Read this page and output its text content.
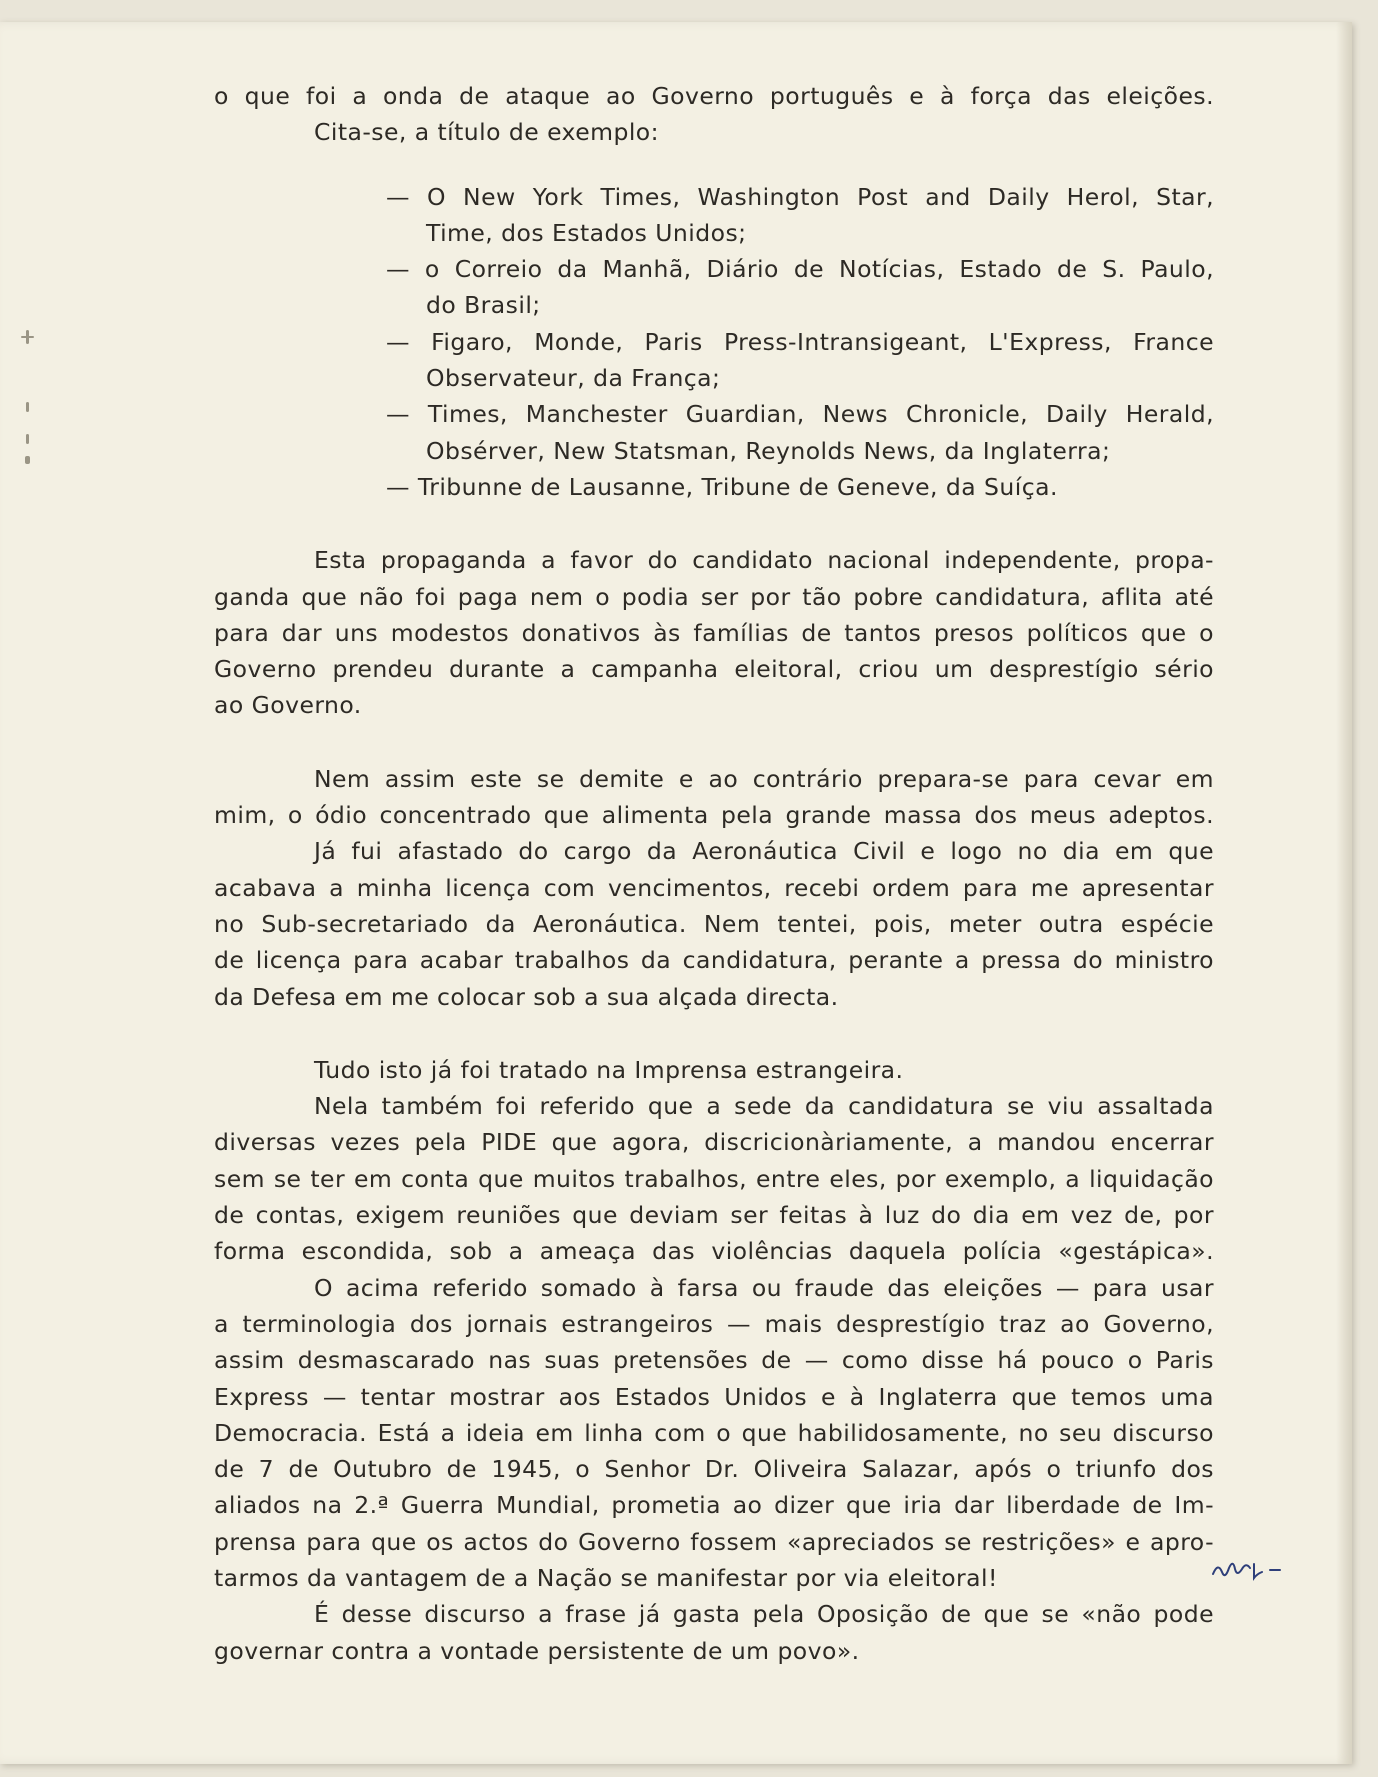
o que foi a onda de ataque ao Governo português e à força das eleições.

Cita-se, a título de exemplo:

— O New York Times, Washington Post and Daily Herol, Star,

Time, dos Estados Unidos;

— o Correio da Manhã, Diário de Notícias, Estado de S. Paulo,

do Brasil;

— Figaro, Monde, Paris Press-Intransigeant, L'Express, France

Observateur, da França;

— Times, Manchester Guardian, News Chronicle, Daily Herald,

Obsérver, New Statsman, Reynolds News, da Inglaterra;

— Tribunne de Lausanne, Tribune de Geneve, da Suíça.

Esta propaganda a favor do candidato nacional independente, propa-

ganda que não foi paga nem o podia ser por tão pobre candidatura, aflita até

para dar uns modestos donativos às famílias de tantos presos políticos que o

Governo prendeu durante a campanha eleitoral, criou um desprestígio sério

ao Governo.

Nem assim este se demite e ao contrário prepara-se para cevar em

mim, o ódio concentrado que alimenta pela grande massa dos meus adeptos.

Já fui afastado do cargo da Aeronáutica Civil e logo no dia em que

acabava a minha licença com vencimentos, recebi ordem para me apresentar

no Sub-secretariado da Aeronáutica. Nem tentei, pois, meter outra espécie

de licença para acabar trabalhos da candidatura, perante a pressa do ministro

da Defesa em me colocar sob a sua alçada directa.

Tudo isto já foi tratado na Imprensa estrangeira.

Nela também foi referido que a sede da candidatura se viu assaltada

diversas vezes pela PIDE que agora, discricionàriamente, a mandou encerrar

sem se ter em conta que muitos trabalhos, entre eles, por exemplo, a liquidação

de contas, exigem reuniões que deviam ser feitas à luz do dia em vez de, por

forma escondida, sob a ameaça das violências daquela polícia «gestápica».

O acima referido somado à farsa ou fraude das eleições — para usar

a terminologia dos jornais estrangeiros — mais desprestígio traz ao Governo,

assim desmascarado nas suas pretensões de — como disse há pouco o Paris

Express — tentar mostrar aos Estados Unidos e à Inglaterra que temos uma

Democracia. Está a ideia em linha com o que habilidosamente, no seu discurso

de 7 de Outubro de 1945, o Senhor Dr. Oliveira Salazar, após o triunfo dos

aliados na 2.ª Guerra Mundial, prometia ao dizer que iria dar liberdade de Im-

prensa para que os actos do Governo fossem «apreciados se restrições» e apro-

tarmos da vantagem de a Nação se manifestar por via eleitoral!

É desse discurso a frase já gasta pela Oposição de que se «não pode

governar contra a vontade persistente de um povo».
